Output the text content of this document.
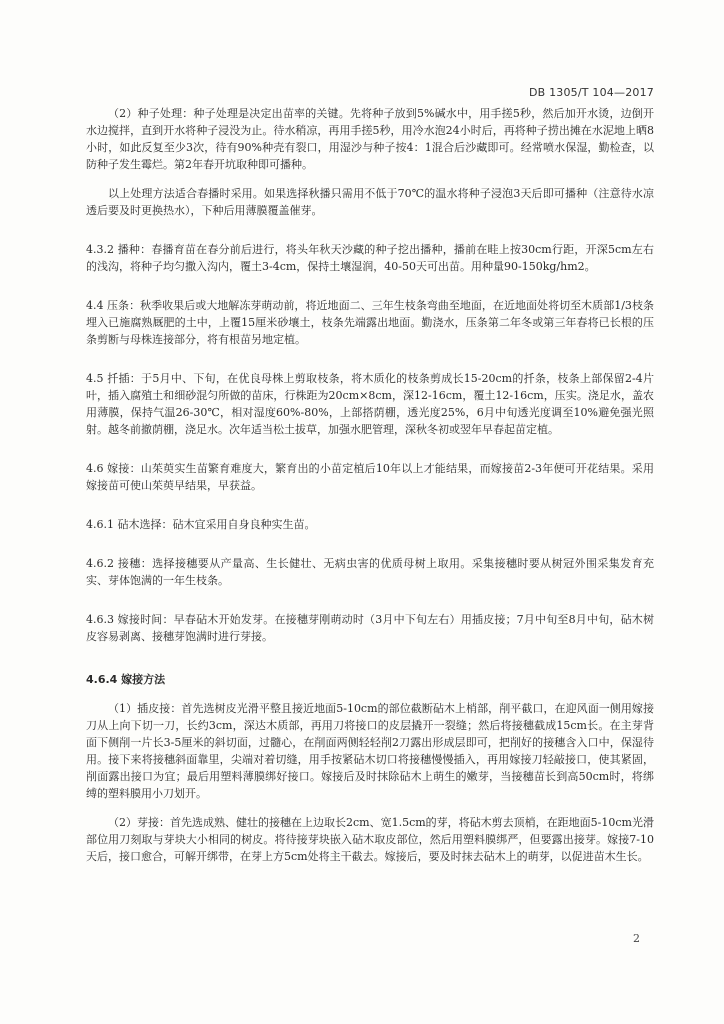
DB 1305/T 104—2017

（2）种子处理：种子处理是决定出苗率的关键。先将种子放到5%碱水中，用手搓5秒，然后加开水烫，边倒开水边搅拌，直到开水将种子浸没为止。待水稍凉，再用手搓5秒，用冷水泡24小时后，再将种子捞出摊在水泥地上晒8小时，如此反复至少3次，待有90%种壳有裂口，用湿沙与种子按4：1混合后沙藏即可。经常喷水保湿，勤检查，以防种子发生霉烂。第2年春开坑取种即可播种。

以上处理方法适合春播时采用。如果选择秋播只需用不低于70℃的温水将种子浸泡3天后即可播种（注意待水凉透后要及时更换热水），下种后用薄膜覆盖催芽。

4.3.2 播种：春播育苗在春分前后进行，将头年秋天沙藏的种子挖出播种，播前在畦上按30cm行距，开深5cm左右的浅沟，将种子均匀撒入沟内，覆土3-4cm，保持土壤湿润，40-50天可出苗。用种量90-150kg/hm2。

4.4 压条：秋季收果后或大地解冻芽萌动前，将近地面二、三年生枝条弯曲至地面，在近地面处将切至木质部1/3枝条埋入已施腐熟厩肥的土中，上覆15厘米砂壤土，枝条先端露出地面。勤浇水，压条第二年冬或第三年春将已长根的压条剪断与母株连接部分，将有根苗另地定植。

4.5 扦插：于5月中、下旬，在优良母株上剪取枝条，将木质化的枝条剪成长15-20cm的扦条，枝条上部保留2-4片叶，插入腐殖土和细砂混匀所做的苗床，行株距为20cm×8cm，深12-16cm，覆土12-16cm，压实。浇足水，盖农用薄膜，保持气温26-30℃，相对湿度60%-80%，上部搭荫棚，透光度25%，6月中旬透光度调至10%避免强光照射。越冬前撤荫棚，浇足水。次年适当松土拔草，加强水肥管理，深秋冬初或翌年早春起苗定植。

4.6 嫁接：山茱萸实生苗繁育难度大，繁育出的小苗定植后10年以上才能结果，而嫁接苗2-3年便可开花结果。采用嫁接苗可使山茱萸早结果，早获益。

4.6.1 砧木选择：砧木宜采用自身良种实生苗。

4.6.2 接穗：选择接穗要从产量高、生长健壮、无病虫害的优质母树上取用。采集接穗时要从树冠外围采集发育充实、芽体饱满的一年生枝条。

4.6.3 嫁接时间：早春砧木开始发芽。在接穗芽刚萌动时（3月中下旬左右）用插皮接；7月中旬至8月中旬，砧木树皮容易剥离、接穗芽饱满时进行芽接。

4.6.4 嫁接方法

（1）插皮接：首先选树皮光滑平整且接近地面5-10cm的部位截断砧木上梢部，削平截口，在迎风面一侧用嫁接刀从上向下切一刀，长约3cm，深达木质部，再用刀将接口的皮层撬开一裂缝；然后将接穗截成15cm长。在主芽背面下侧削一片长3-5厘米的斜切面，过髓心，在削面两侧轻轻削2刀露出形成层即可，把削好的接穗含入口中，保湿待用。接下来将接穗斜面靠里，尖端对着切缝，用手按紧砧木切口将接穗慢慢插入，再用嫁接刀轻敲接口，使其紧固，削面露出接口为宜；最后用塑料薄膜绑好接口。嫁接后及时抹除砧木上萌生的嫩芽，当接穗苗长到高50cm时，将绑缚的塑料膜用小刀划开。

（2）芽接：首先选成熟、健壮的接穗在上边取长2cm、宽1.5cm的芽，将砧木剪去顶梢，在距地面5-10cm光滑部位用刀刻取与芽块大小相同的树皮。将待接芽块嵌入砧木取皮部位，然后用塑料膜绑严，但要露出接芽。嫁接7-10天后，接口愈合，可解开绑带，在芽上方5cm处将主干截去。嫁接后，要及时抹去砧木上的萌芽，以促进苗木生长。

2
